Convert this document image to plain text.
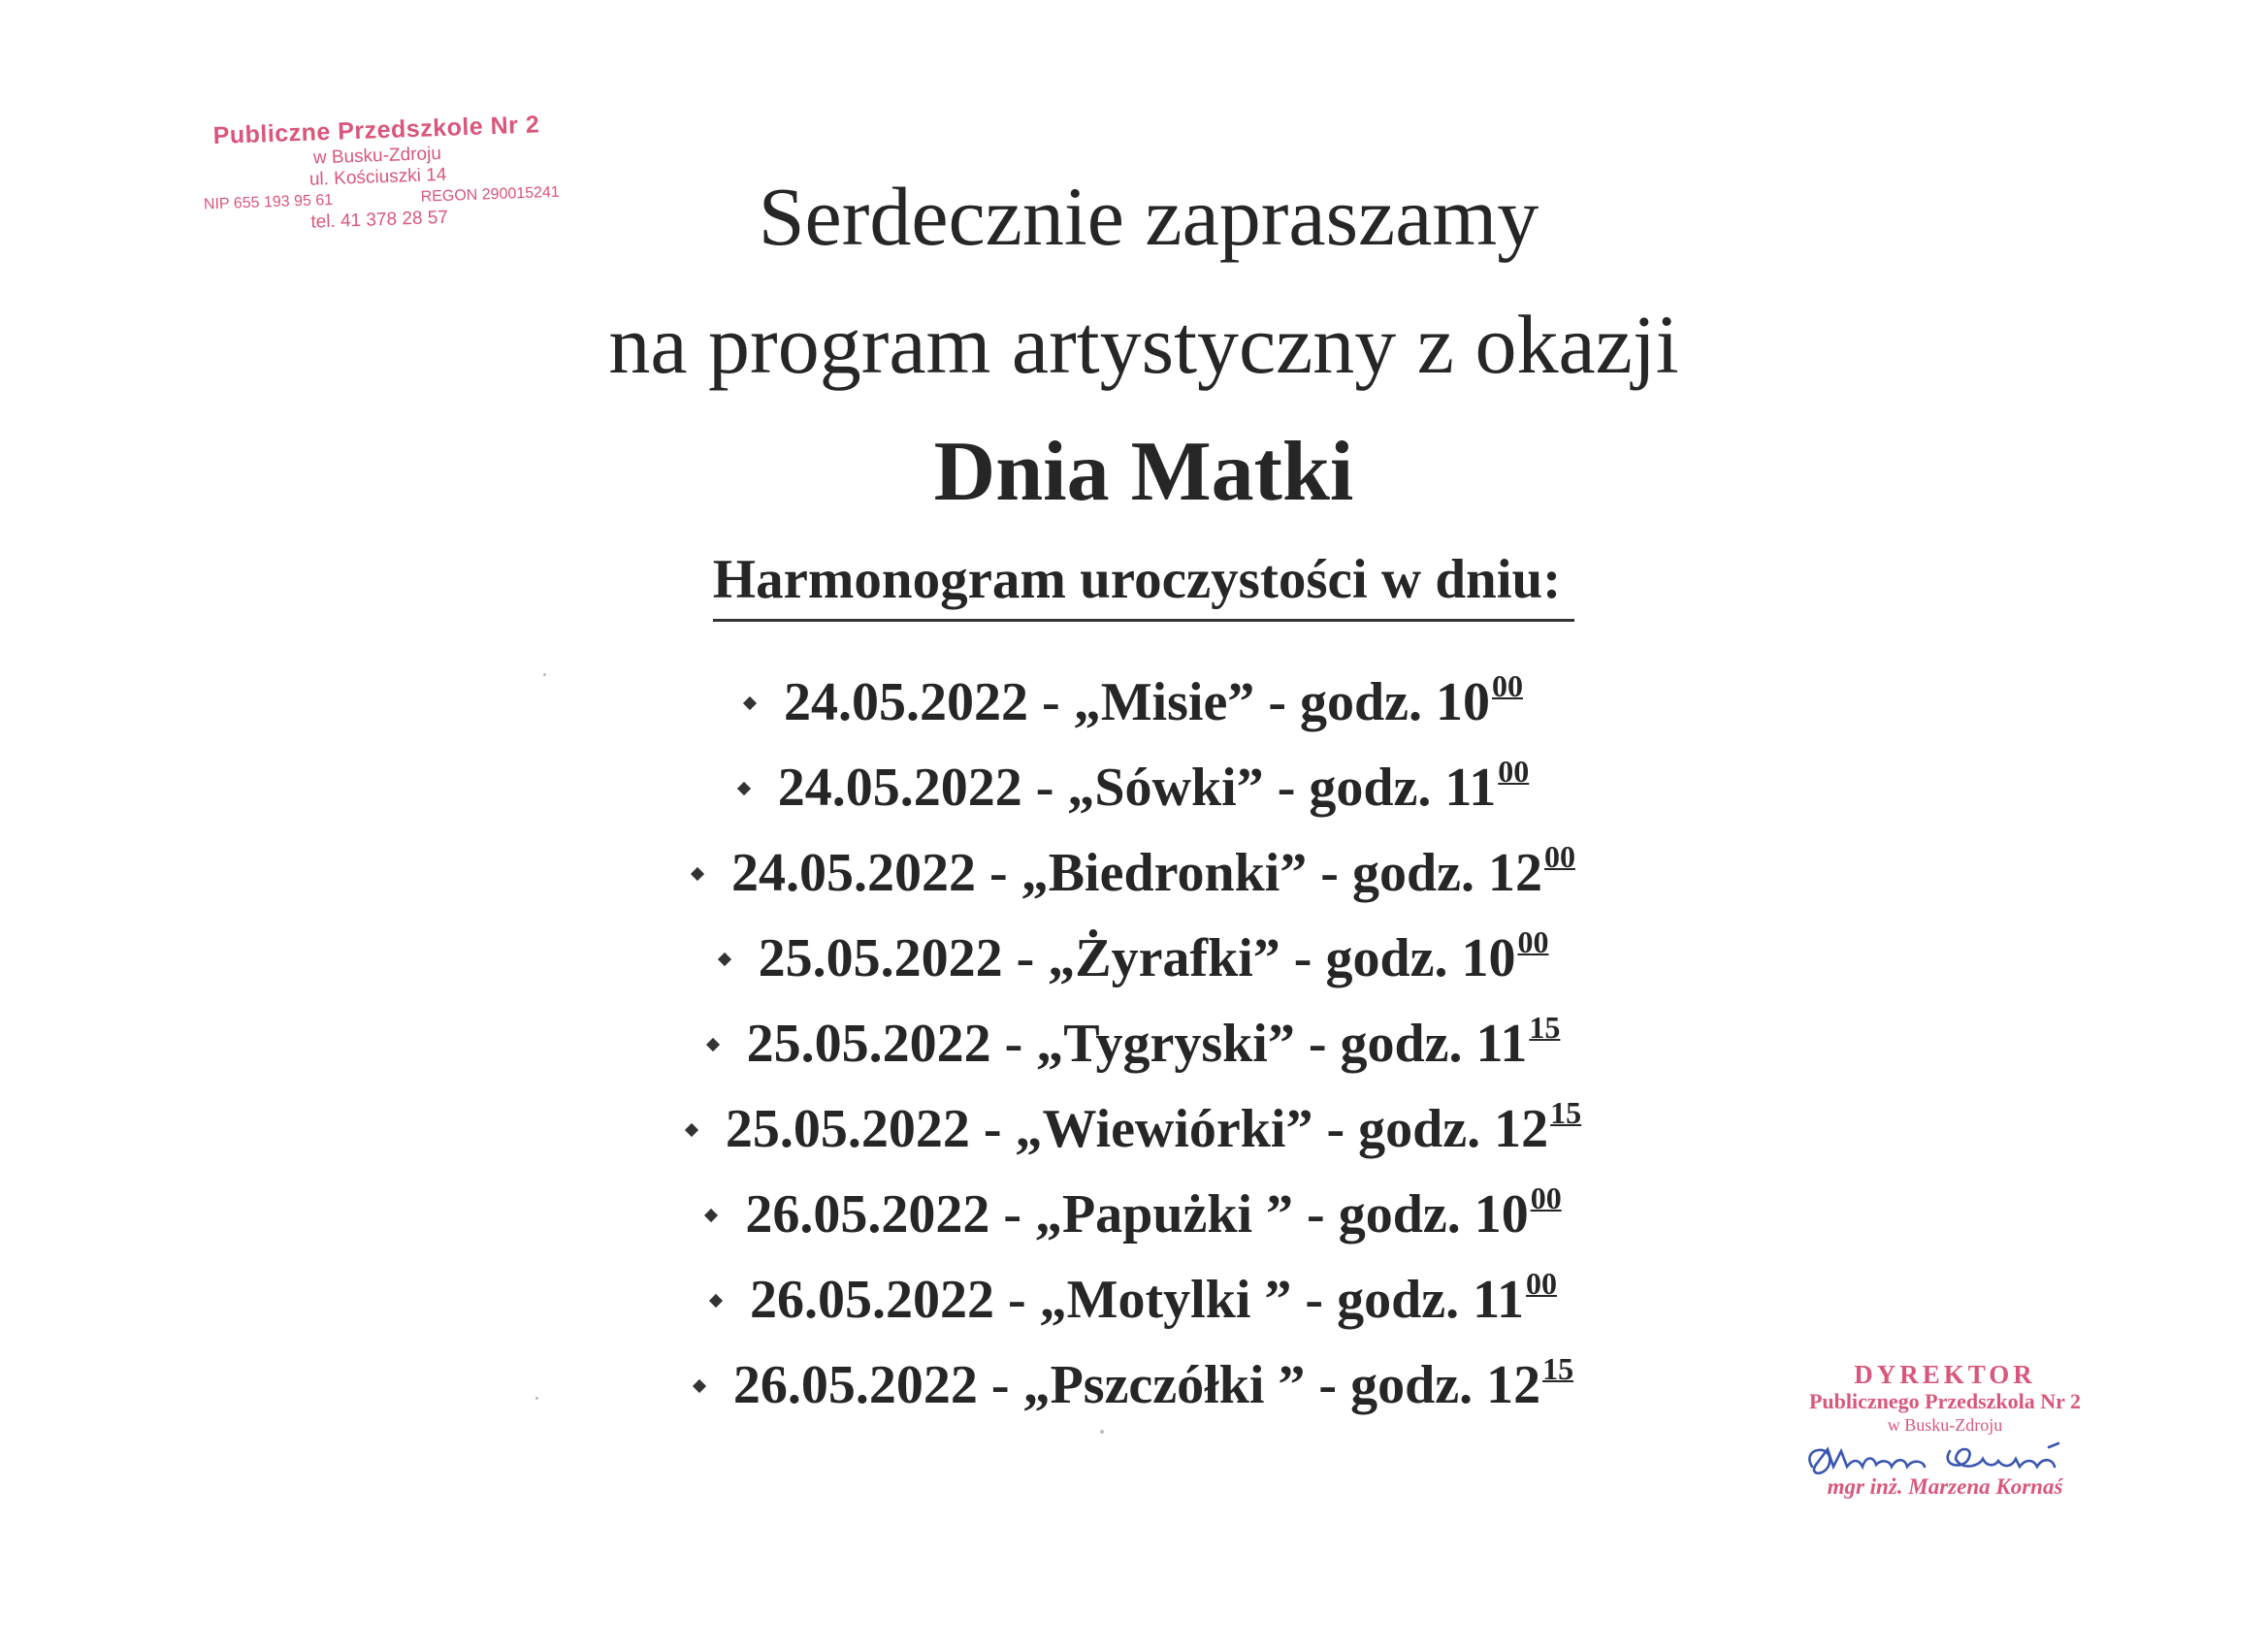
Publiczne Przedszkole Nr 2
w Busku-Zdroju
ul. Kościuszki 14
NIP 655 193 95 61	REGON 290015241
tel. 41 378 28 57	Serdecznie zapraszamy
na program artystyczny z okazji
Dnia Matki
Harmonogram uroczystości w dniu:
24.05.2022 - „Misie” - godz. $10^{00}$
24.05.2022 - „Sówki” - godz. $11^{00}$
24.05.2022 - „Biedronki” - godz. $12^{00}$
25.05.2022 - „Żyrafki” - godz. $10^{00}$
25.05.2022 - „Tygryski” - godz. $11^{15}$
25.05.2022 - „Wiewiórki” - godz. $12^{15}$
26.05.2022 - „Papużki ” - godz. $10^{00}$
26.05.2022 - „Motylki ” - godz. $11^{00}$
26.05.2022 - „Pszczółki ” - godz. $12^{15}$	DYREKTOR
Publicznego Przedszkola Nr 2
w Busku-Zdroju
mgr inż. Marzena Kornaś
